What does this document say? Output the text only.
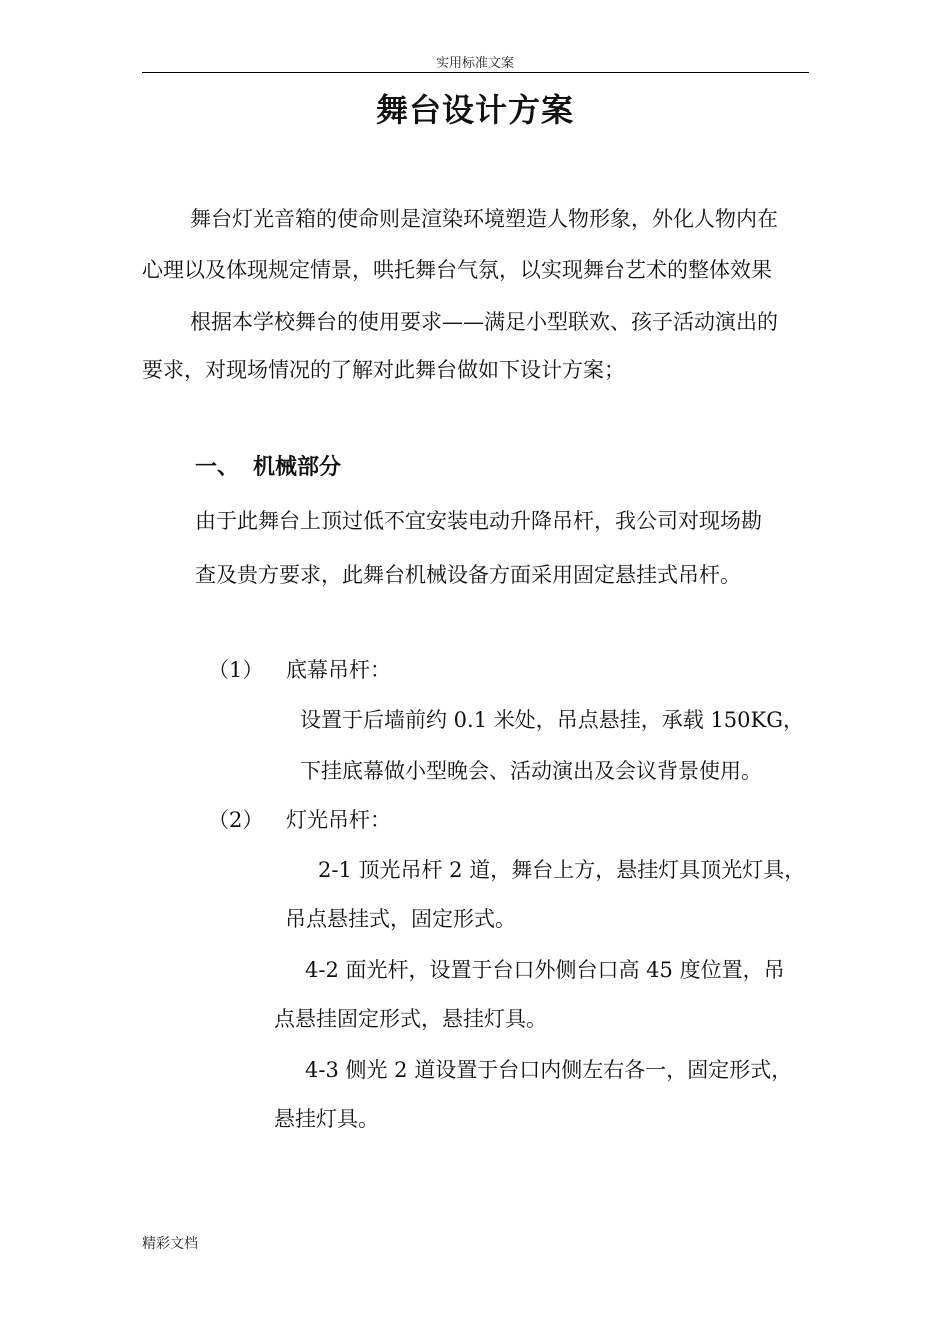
实用标准文案
舞台设计方案

舞台灯光音箱的使命则是渲染环境塑造人物形象，外化人物内在

心理以及体现规定情景，哄托舞台气氛，以实现舞台艺术的整体效果

根据本学校舞台的使用要求——满足小型联欢、孩子活动演出的

要求，对现场情况的了解对此舞台做如下设计方案；

一、 机械部分

由于此舞台上顶过低不宜安装电动升降吊杆，我公司对现场勘

查及贵方要求，此舞台机械设备方面采用固定悬挂式吊杆。

（1） 底幕吊杆：

设置于后墙前约 0.1 米处，吊点悬挂，承载 150KG，

下挂底幕做小型晚会、活动演出及会议背景使用。

（2） 灯光吊杆：

2-1 顶光吊杆 2 道，舞台上方，悬挂灯具顶光灯具，

吊点悬挂式，固定形式。

4-2 面光杆，设置于台口外侧台口高 45 度位置，吊

点悬挂固定形式，悬挂灯具。

4-3 侧光 2 道设置于台口内侧左右各一，固定形式，

悬挂灯具。

精彩文档
